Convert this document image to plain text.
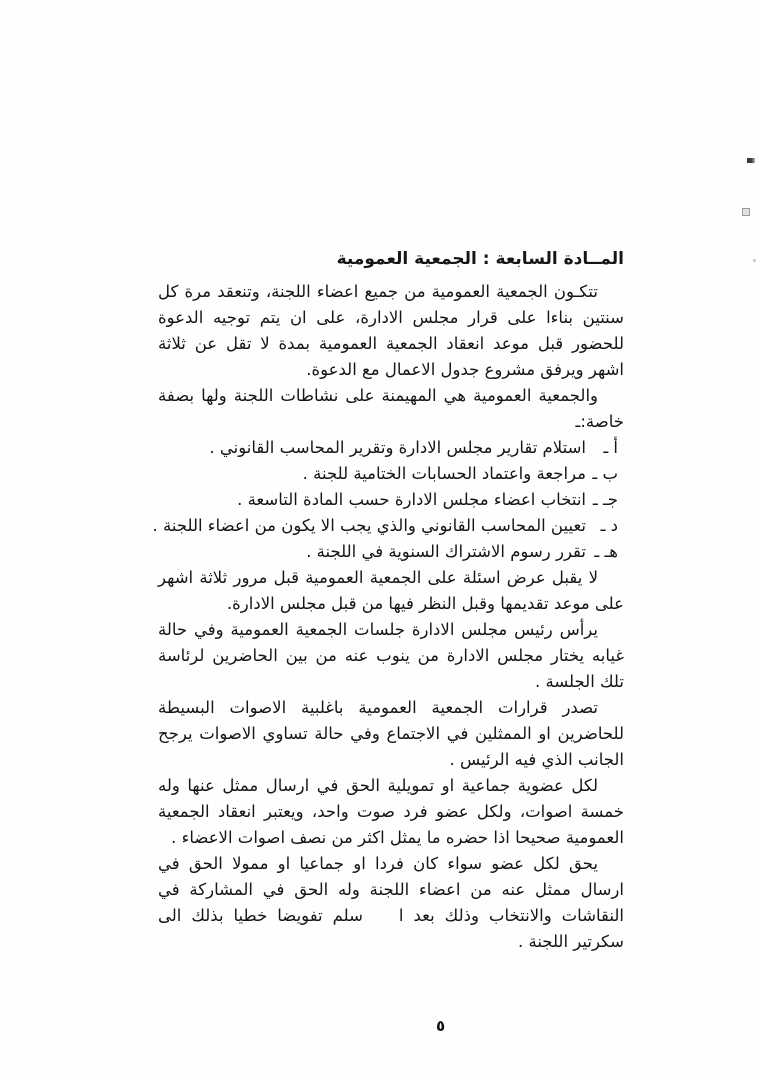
المــادة السابعة : الجمعية العمومية

تتكـون الجمعية العمومية من جميع اعضاء اللجنة، وتنعقد مرة كل سنتين بناءا على قرار مجلس الادارة، على ان يتم توجيه الدعوة للحضور قبل موعد انعقاد الجمعية العمومية بمدة لا تقل عن ثلاثة اشهر ويرفق مشروع جدول الاعمال مع الدعوة.

والجمعية العمومية هي المهيمنة على نشاطات اللجنة ولها بصفة خاصة:ـ

أ ـاستلام تقارير مجلس الادارة وتقرير المحاسب القانوني .
ب ـمراجعة واعتماد الحسابات الختامية للجنة .
جـ ـانتخاب اعضاء مجلس الادارة حسب المادة التاسعة .
د ـتعيين المحاسب القانوني والذي يجب الا يكون من اعضاء اللجنة .
هـ ـتقرر رسوم الاشتراك السنوية في اللجنة .

لا يقبل عرض اسئلة على الجمعية العمومية قبل مرور ثلاثة اشهر على موعد تقديمها وقبل النظر فيها من قبل مجلس الادارة.

يرأس رئيس مجلس الادارة جلسات الجمعية العمومية وفي حالة غيابه يختار مجلس الادارة من ينوب عنه من بين الحاضرين لرئاسة تلك الجلسة .

تصدر قرارات الجمعية العمومية باغلبية الاصوات البسيطة للحاضرين او الممثلين في الاجتماع وفي حالة تساوي الاصوات يرجح الجانب الذي فيه الرئيس .

لكل عضوية جماعية او تمويلية الحق في ارسال ممثل عنها وله خمسة اصوات، ولكل عضو فرد صوت واحد، ويعتبر انعقاد الجمعية العمومية صحيحا اذا حضره ما يمثل اكثر من نصف اصوات الاعضاء .

يحق لكل عضو سواء كان فردا او جماعيا او ممولا الحق في ارسال ممثل عنه من اعضاء اللجنة وله الحق في المشاركة في النقاشات والانتخاب وذلك بعد اسلم تفويضا خطيا بذلك الى سكرتير اللجنة .

٥
